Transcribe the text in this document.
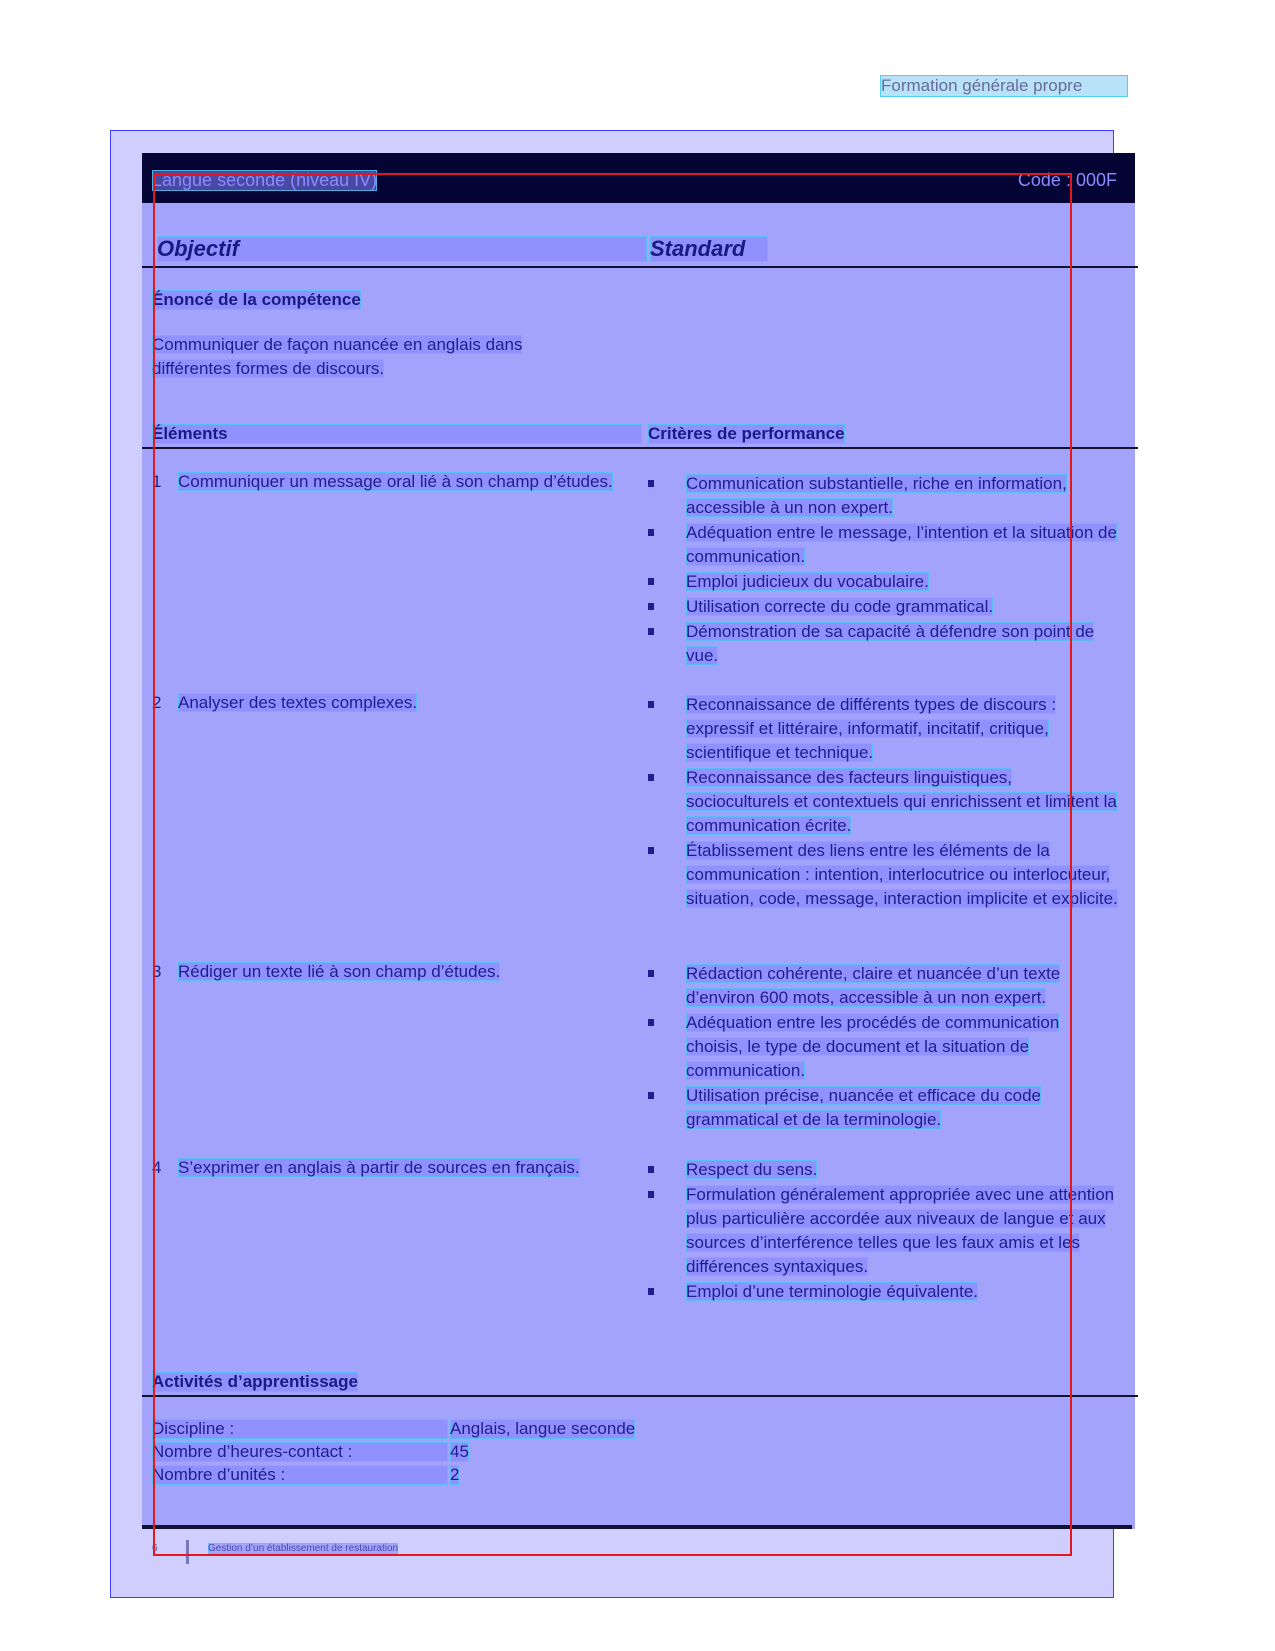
Formation générale propre
Langue seconde (niveau IV)	Code : 000F
Objectif	Standard
Énoncé de la compétence
Communiquer de façon nuancée en anglais dans différentes formes de discours.
Éléments	Critères de performance
1 Communiquer un message oral lié à son champ d’études.	Communication substantielle, riche en information, accessible à un non expert.
Adéquation entre le message, l’intention et la situation de communication.
Emploi judicieux du vocabulaire.
Utilisation correcte du code grammatical.
Démonstration de sa capacité à défendre son point de vue.
2 Analyser des textes complexes.	Reconnaissance de différents types de discours : expressif et littéraire, informatif, incitatif, critique, scientifique et technique.
Reconnaissance des facteurs linguistiques, socioculturels et contextuels qui enrichissent et limitent la communication écrite.
Établissement des liens entre les éléments de la communication : intention, interlocutrice ou interlocuteur, situation, code, message, interaction implicite et explicite.
3 Rédiger un texte lié à son champ d’études.	Rédaction cohérente, claire et nuancée d’un texte d’environ 600 mots, accessible à un non expert.
Adéquation entre les procédés de communication choisis, le type de document et la situation de communication.
Utilisation précise, nuancée et efficace du code grammatical et de la terminologie.
4 S’exprimer en anglais à partir de sources en français.	Respect du sens.
Formulation généralement appropriée avec une attention plus particulière accordée aux niveaux de langue et aux sources d’interférence telles que les faux amis et les différences syntaxiques.
Emploi d’une terminologie équivalente.
Activités d’apprentissage
Discipline :	Anglais, langue seconde
Nombre d’heures-contact :	45
Nombre d’unités :	2
6	Gestion d’un établissement de restauration
